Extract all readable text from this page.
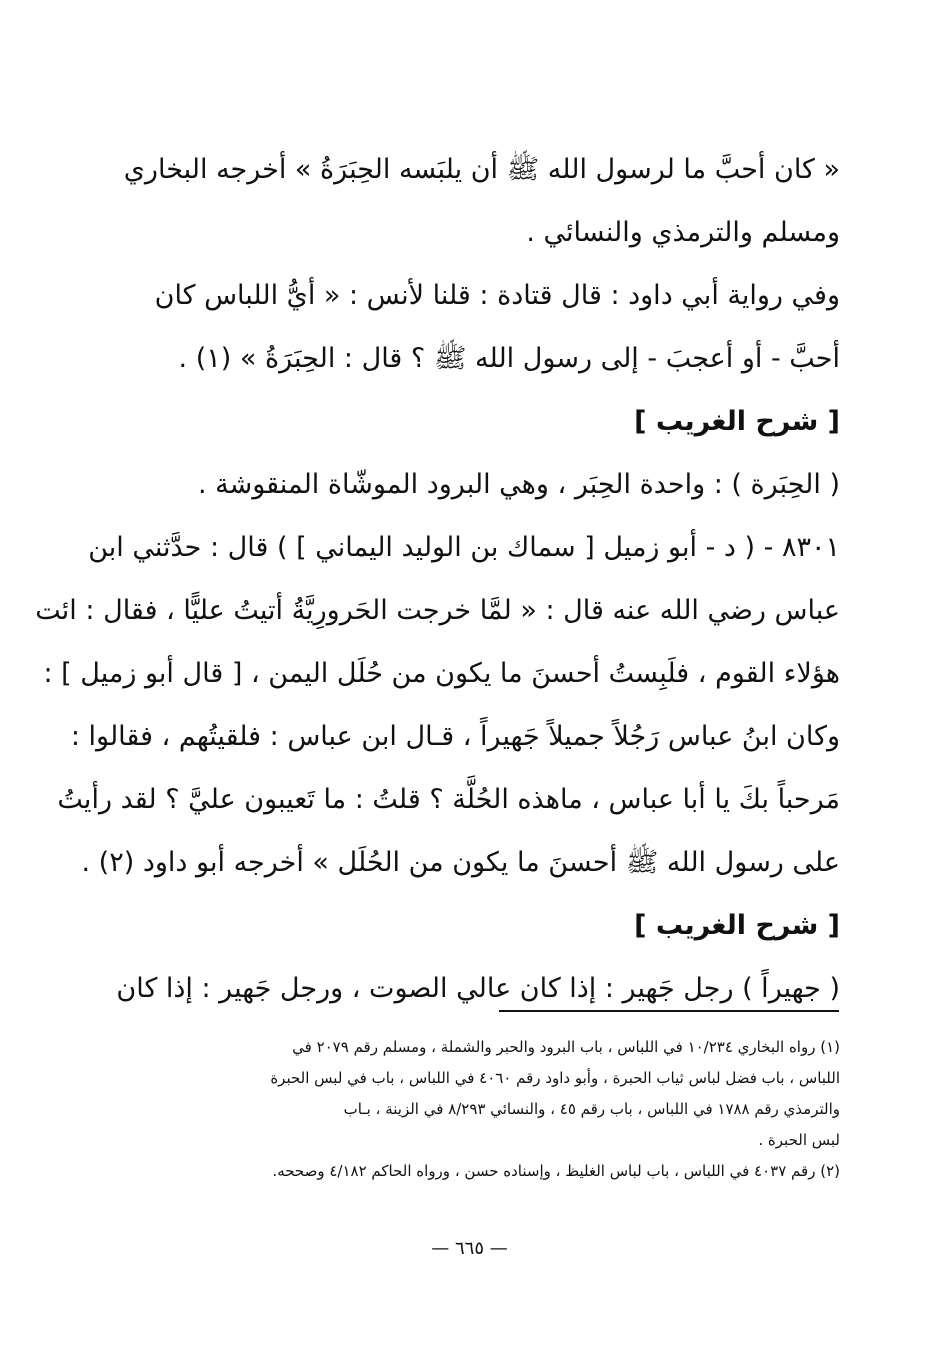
« كان أحبَّ ما لرسول الله ﷺ أن يلبَسه الحِبَرَةُ » أخرجه البخاري
ومسلم والترمذي والنسائي .
وفي رواية أبي داود : قال قتادة : قلنا لأنس : « أيُّ اللباس كان
أحبَّ - أو أعجبَ - إلى رسول الله ﷺ ؟ قال : الحِبَرَةُ » (١) .
[ شرح الغريب ]
( الحِبَرة ) : واحدة الحِبَر ، وهي البرود الموشّاة المنقوشة .
٨٣٠١ - ( د - أبو زميل [ سماك بن الوليد اليماني ] ) قال : حدَّثني ابن
عباس رضي الله عنه قال : « لمَّا خرجت الحَرورِيَّةُ أتيتُ عليًّا ، فقال : ائت
هؤلاء القوم ، فلَبِستُ أحسنَ ما يكون من حُلَل اليمن ، [ قال أبو زميل ] :
وكان ابنُ عباس رَجُلاً جميلاً جَهيراً ، قـال ابن عباس : فلقيتُهم ، فقالوا :
مَرحباً بكَ يا أبا عباس ، ماهذه الحُلَّة ؟ قلتُ : ما تَعيبون عليَّ ؟ لقد رأيتُ
على رسول الله ﷺ أحسنَ ما يكون من الحُلَل » أخرجه أبو داود (٢) .
[ شرح الغريب ]
( جهيراً ) رجل جَهير : إذا كان عالي الصوت ، ورجل جَهير : إذا كان
(١) رواه البخاري ١٠/٢٣٤ في اللباس ، باب البرود والحبر والشملة ، ومسلم رقم ٢٠٧٩ في
اللباس ، باب فضل لباس ثياب الحبرة ، وأبو داود رقم ٤٠٦٠ في اللباس ، باب في لبس الحبرة
والترمذي رقم ١٧٨٨ في اللباس ، باب رقم ٤٥ ، والنسائي ٨/٢٩٣ في الزينة ، بـاب
لبس الحبرة .
(٢) رقم ٤٠٣٧ في اللباس ، باب لباس الغليظ ، وإسناده حسن ، ورواه الحاكم ٤/١٨٢ وصححه.
— ٦٦٥ —
